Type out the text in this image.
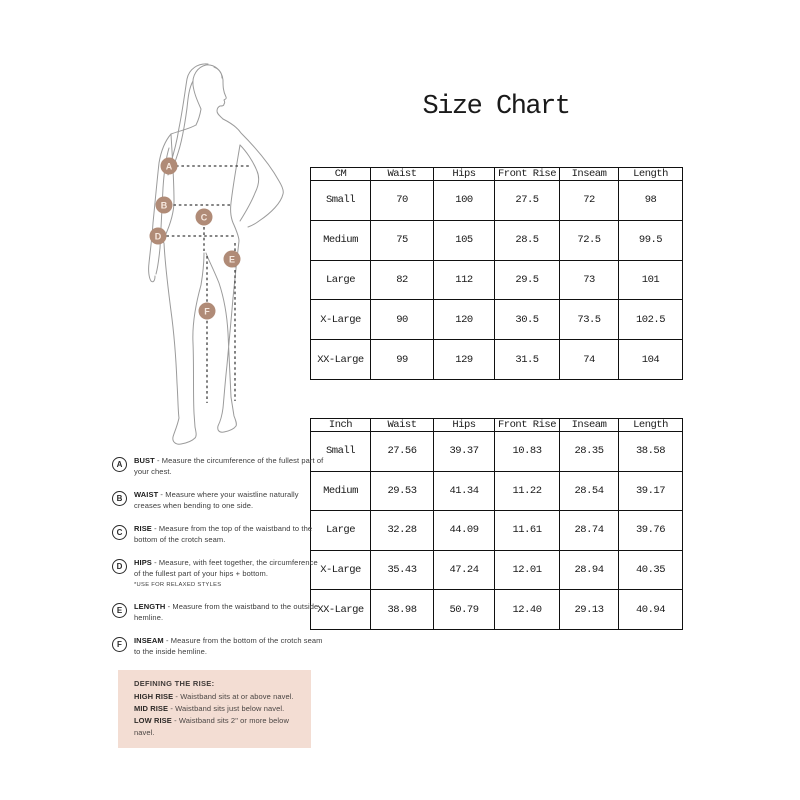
Size Chart
A
B
C
D
E
F
CM	Waist	Hips	Front Rise	Inseam	Length
Small	70	100	27.5	72	98
Medium	75	105	28.5	72.5	99.5
Large	82	112	29.5	73	101
X-Large	90	120	30.5	73.5	102.5
XX-Large	99	129	31.5	74	104
Inch	Waist	Hips	Front Rise	Inseam	Length
Small	27.56	39.37	10.83	28.35	38.58
Medium	29.53	41.34	11.22	28.54	39.17
Large	32.28	44.09	11.61	28.74	39.76
X-Large	35.43	47.24	12.01	28.94	40.35
XX-Large	38.98	50.79	12.40	29.13	40.94
A	BUST - Measure the circumference of the fullest part of your chest.
B	WAIST - Measure where your waistline naturally creases when bending to one side.
C	RISE - Measure from the top of the waistband to the bottom of the crotch seam.
D	HIPS - Measure, with feet together, the circumference of the fullest part of your hips + bottom.
*USE FOR RELAXED STYLES
E	LENGTH - Measure from the waistband to the outside hemline.
F	INSEAM - Measure from the bottom of the crotch seam to the inside hemline.

DEFINING THE RISE:

HIGH RISE - Waistband sits at or above navel.
MID RISE - Waistband sits just below navel.
LOW RISE - Waistband sits 2" or more below navel.
